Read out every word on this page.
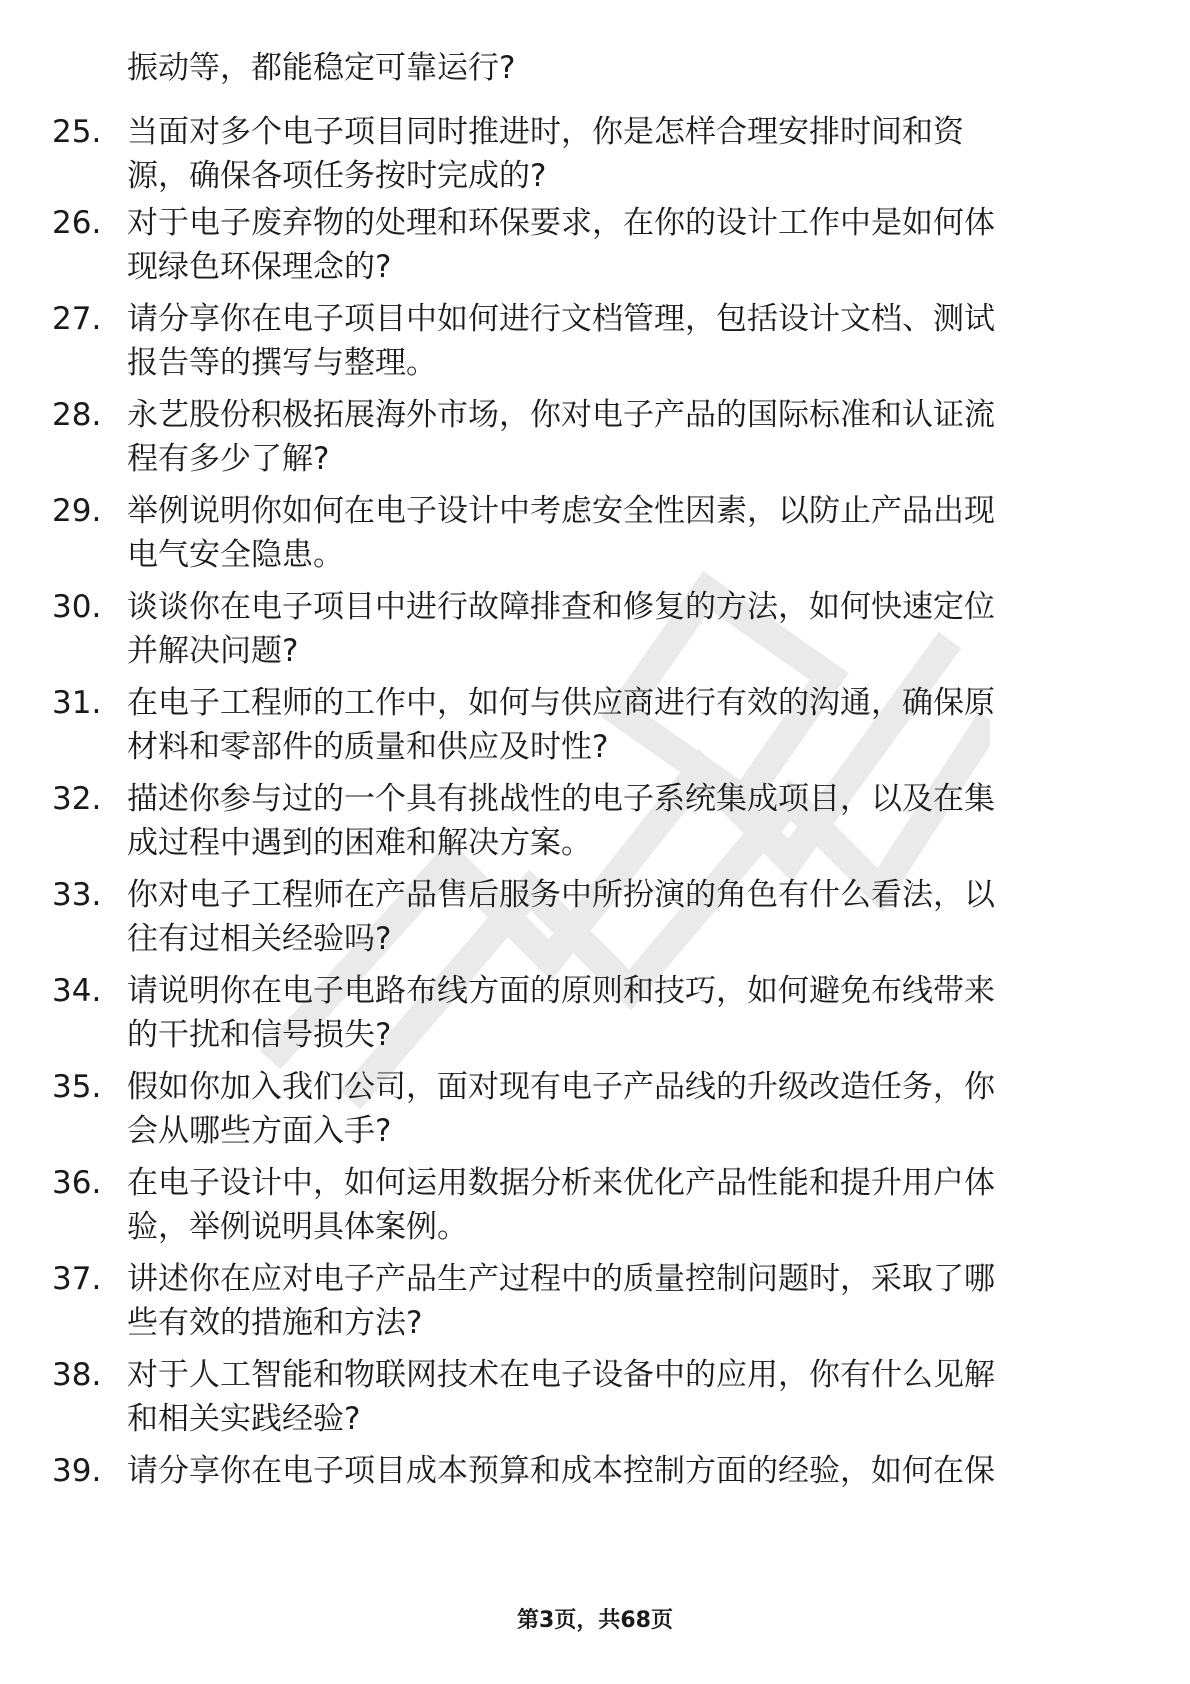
振动等，都能稳定可靠运行?
25. 当面对多个电子项目同时推进时，你是怎样合理安排时间和资
源，确保各项任务按时完成的?
26. 对于电子废弃物的处理和环保要求，在你的设计工作中是如何体
现绿色环保理念的?
27. 请分享你在电子项目中如何进行文档管理，包括设计文档、测试
报告等的撰写与整理。
28. 永艺股份积极拓展海外市场，你对电子产品的国际标准和认证流
程有多少了解?
29. 举例说明你如何在电子设计中考虑安全性因素，以防止产品出现
电气安全隐患。
30. 谈谈你在电子项目中进行故障排查和修复的方法，如何快速定位
并解决问题?
31. 在电子工程师的工作中，如何与供应商进行有效的沟通，确保原
材料和零部件的质量和供应及时性?
32. 描述你参与过的一个具有挑战性的电子系统集成项目，以及在集
成过程中遇到的困难和解决方案。
33. 你对电子工程师在产品售后服务中所扮演的角色有什么看法，以
往有过相关经验吗?
34. 请说明你在电子电路布线方面的原则和技巧，如何避免布线带来
的干扰和信号损失?
35. 假如你加入我们公司，面对现有电子产品线的升级改造任务，你
会从哪些方面入手?
36. 在电子设计中，如何运用数据分析来优化产品性能和提升用户体
验，举例说明具体案例。
37. 讲述你在应对电子产品生产过程中的质量控制问题时，采取了哪
些有效的措施和方法?
38. 对于人工智能和物联网技术在电子设备中的应用，你有什么见解
和相关实践经验?
39. 请分享你在电子项目成本预算和成本控制方面的经验，如何在保
第3页，共68页
